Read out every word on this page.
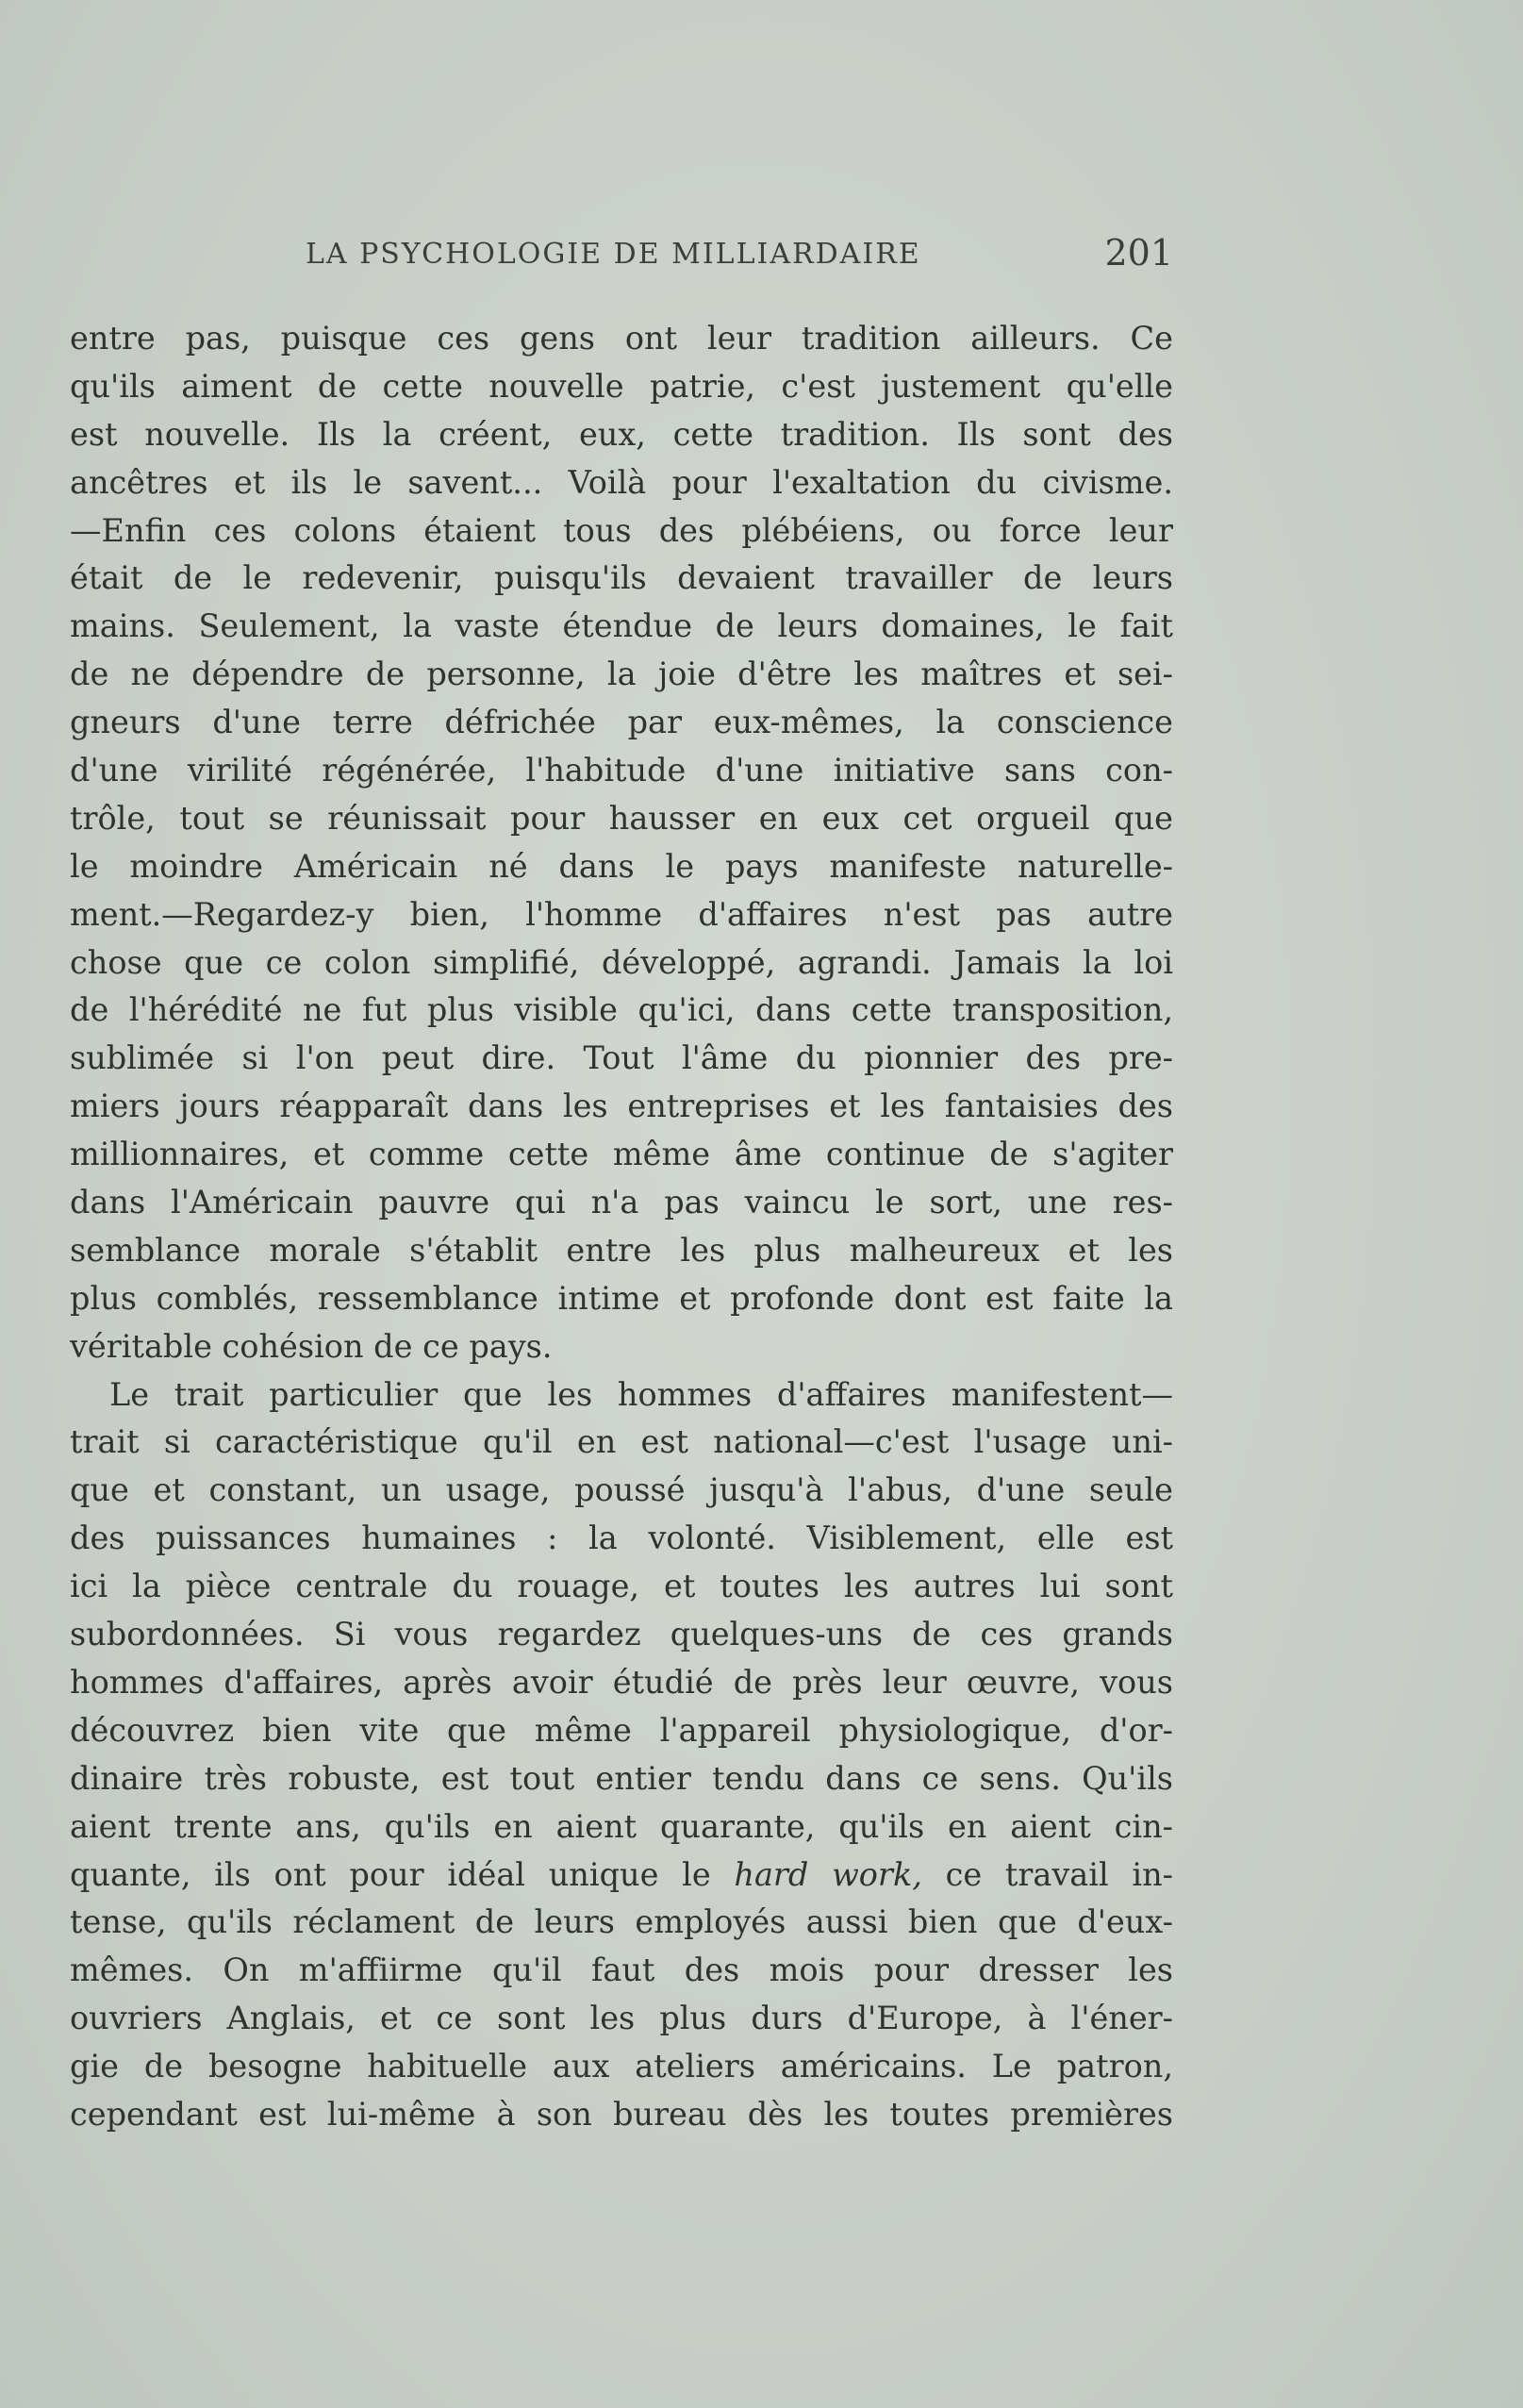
LA PSYCHOLOGIE DE MILLIARDAIRE	201
entre pas, puisque ces gens ont leur tradition ailleurs. Ce
qu'ils aiment de cette nouvelle patrie, c'est justement qu'elle
est nouvelle. Ils la créent, eux, cette tradition. Ils sont des
ancêtres et ils le savent... Voilà pour l'exaltation du civisme.
—Enfin ces colons étaient tous des plébéiens, ou force leur
était de le redevenir, puisqu'ils devaient travailler de leurs
mains. Seulement, la vaste étendue de leurs domaines, le fait
de ne dépendre de personne, la joie d'être les maîtres et sei-
gneurs d'une terre défrichée par eux-mêmes, la conscience
d'une virilité régénérée, l'habitude d'une initiative sans con-
trôle, tout se réunissait pour hausser en eux cet orgueil que
le moindre Américain né dans le pays manifeste naturelle-
ment.—Regardez-y bien, l'homme d'affaires n'est pas autre
chose que ce colon simplifié, développé, agrandi. Jamais la loi
de l'hérédité ne fut plus visible qu'ici, dans cette transposition,
sublimée si l'on peut dire. Tout l'âme du pionnier des pre-
miers jours réapparaît dans les entreprises et les fantaisies des
millionnaires, et comme cette même âme continue de s'agiter
dans l'Américain pauvre qui n'a pas vaincu le sort, une res-
semblance morale s'établit entre les plus malheureux et les
plus comblés, ressemblance intime et profonde dont est faite la
véritable cohésion de ce pays.
Le trait particulier que les hommes d'affaires manifestent—
trait si caractéristique qu'il en est national—c'est l'usage uni-
que et constant, un usage, poussé jusqu'à l'abus, d'une seule
des puissances humaines : la volonté. Visiblement, elle est
ici la pièce centrale du rouage, et toutes les autres lui sont
subordonnées. Si vous regardez quelques-uns de ces grands
hommes d'affaires, après avoir étudié de près leur œuvre, vous
découvrez bien vite que même l'appareil physiologique, d'or-
dinaire très robuste, est tout entier tendu dans ce sens. Qu'ils
aient trente ans, qu'ils en aient quarante, qu'ils en aient cin-
quante, ils ont pour idéal unique le hard work, ce travail in-
tense, qu'ils réclament de leurs employés aussi bien que d'eux-
mêmes. On m'affiirme qu'il faut des mois pour dresser les
ouvriers Anglais, et ce sont les plus durs d'Europe, à l'éner-
gie de besogne habituelle aux ateliers américains. Le patron,
cependant est lui-même à son bureau dès les toutes premières
